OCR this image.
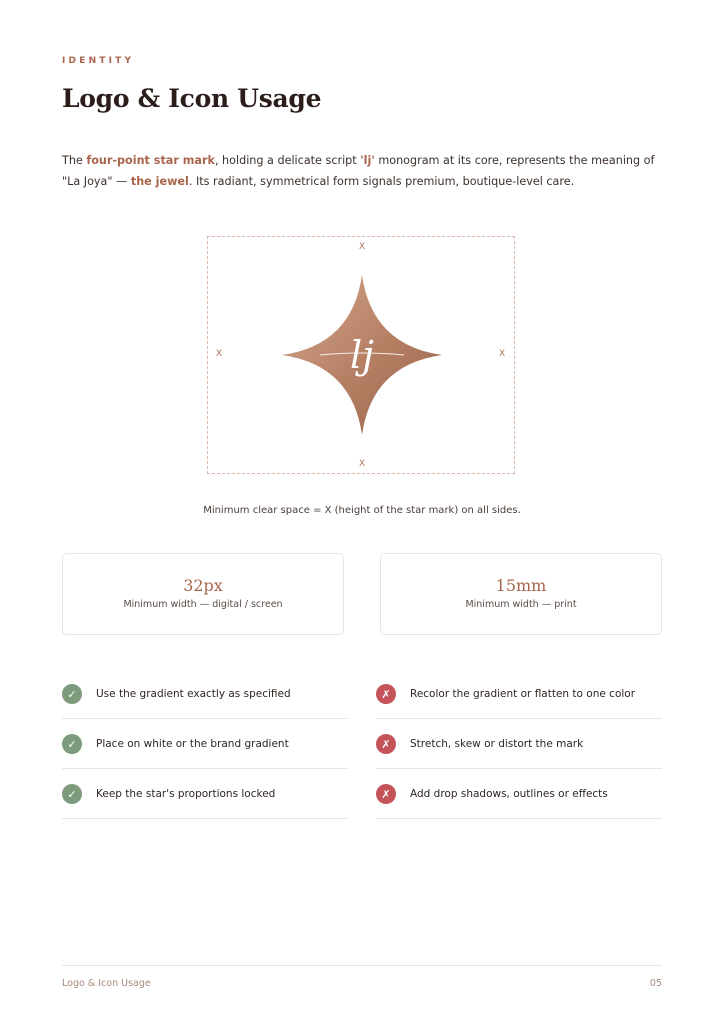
IDENTITY

Logo & Icon Usage

The four-point star mark, holding a delicate script 'lj' monogram at its core, represents the meaning of "La Joya" — the jewel. Its radiant, symmetrical form signals premium, boutique-level care.

X
X
X	X
lj

Minimum clear space = X (height of the star mark) on all sides.

32px
Minimum width — digital / screen
15mm
Minimum width — print
✓	Use the gradient exactly as specified
✓	Place on white or the brand gradient
✓	Keep the star's proportions locked
✗	Recolor the gradient or flatten to one color
✗	Stretch, skew or distort the mark
✗	Add drop shadows, outlines or effects
Logo & Icon Usage	05
